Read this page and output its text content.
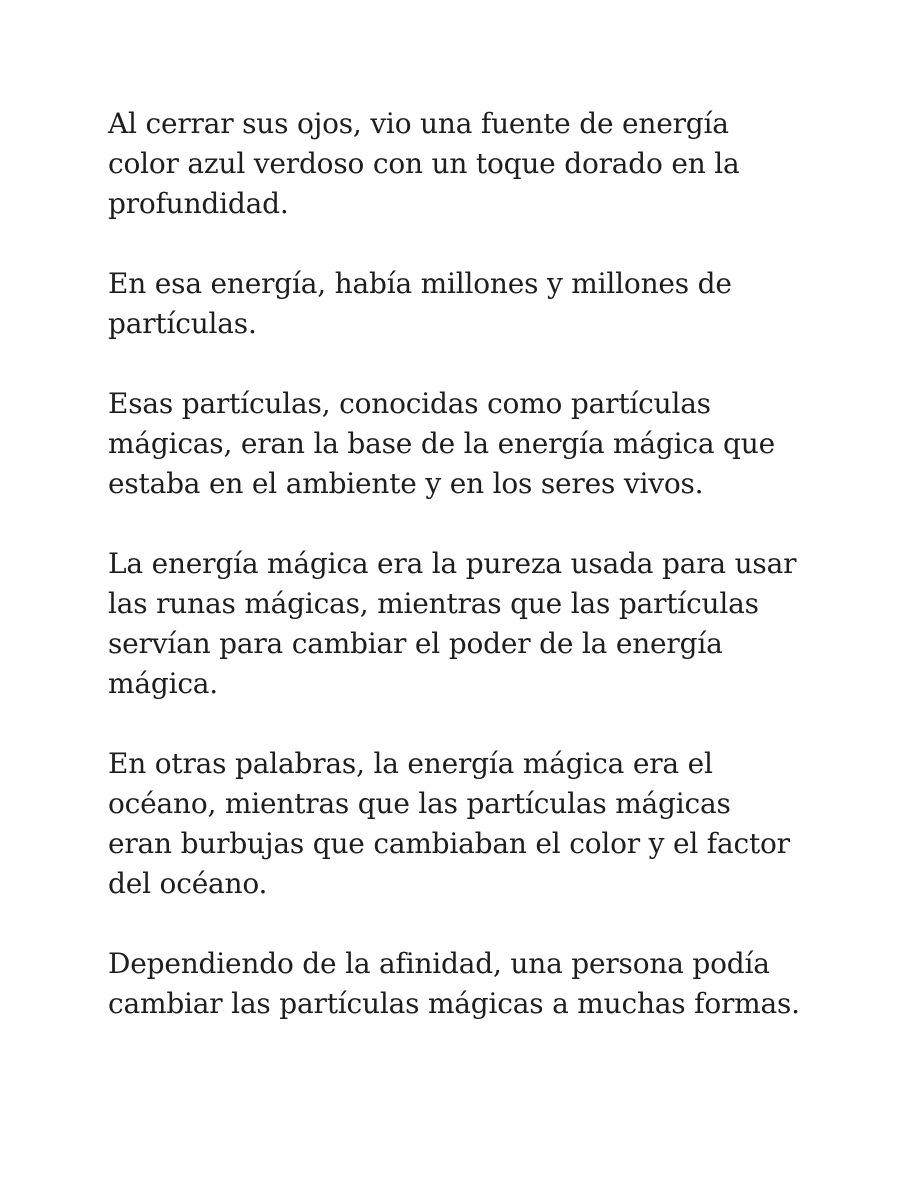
Al cerrar sus ojos, vio una fuente de energía
color azul verdoso con un toque dorado en la
profundidad.

En esa energía, había millones y millones de
partículas.

Esas partículas, conocidas como partículas
mágicas, eran la base de la energía mágica que
estaba en el ambiente y en los seres vivos.

La energía mágica era la pureza usada para usar
las runas mágicas, mientras que las partículas
servían para cambiar el poder de la energía
mágica.

En otras palabras, la energía mágica era el
océano, mientras que las partículas mágicas
eran burbujas que cambiaban el color y el factor
del océano.

Dependiendo de la afinidad, una persona podía
cambiar las partículas mágicas a muchas formas.
